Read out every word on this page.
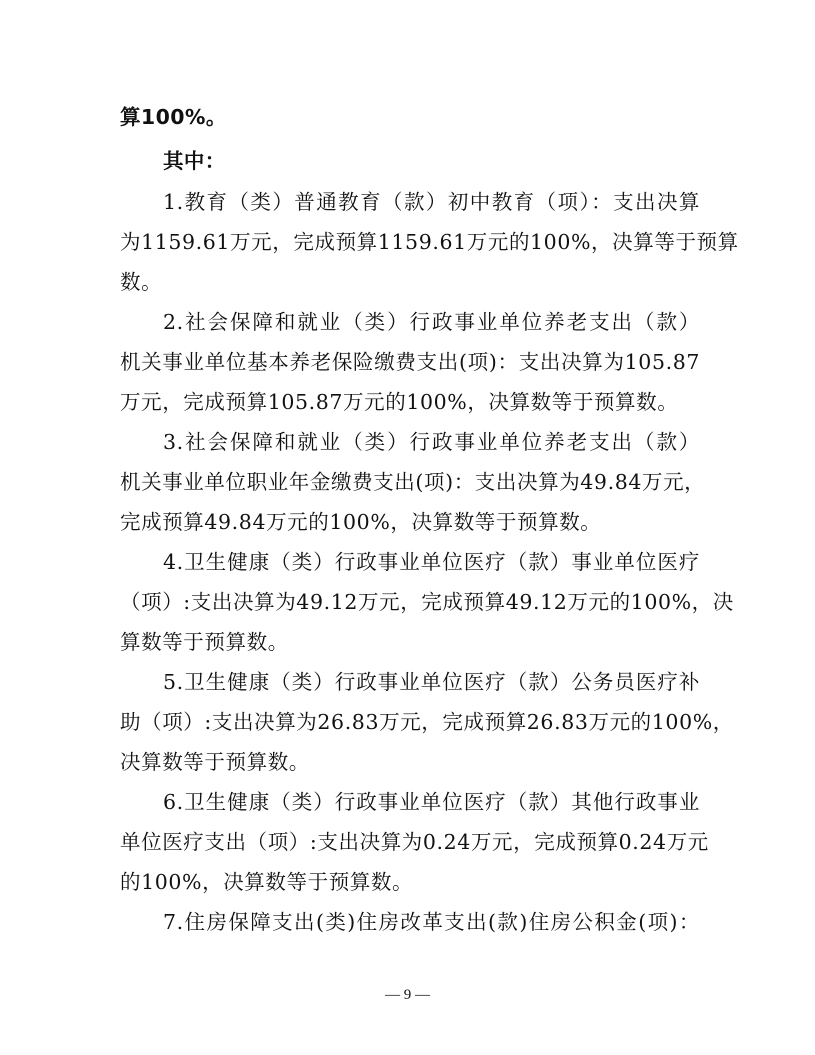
算100%。
其中：
1.教育（类）普通教育（款）初中教育（项）：支出决算
为1159.61万元，完成预算1159.61万元的100%，决算等于预算
数。
2.社会保障和就业（类）行政事业单位养老支出（款）
机关事业单位基本养老保险缴费支出(项)：支出决算为105.87
万元，完成预算105.87万元的100%，决算数等于预算数。
3.社会保障和就业（类）行政事业单位养老支出（款）
机关事业单位职业年金缴费支出(项)：支出决算为49.84万元，
完成预算49.84万元的100%，决算数等于预算数。
4.卫生健康（类）行政事业单位医疗（款）事业单位医疗
（项）:支出决算为49.12万元，完成预算49.12万元的100%，决
算数等于预算数。
5.卫生健康（类）行政事业单位医疗（款）公务员医疗补
助（项）:支出决算为26.83万元，完成预算26.83万元的100%，
决算数等于预算数。
6.卫生健康（类）行政事业单位医疗（款）其他行政事业
单位医疗支出（项）:支出决算为0.24万元，完成预算0.24万元
的100%，决算数等于预算数。
7.住房保障支出(类)住房改革支出(款)住房公积金(项)：
— 9 —
